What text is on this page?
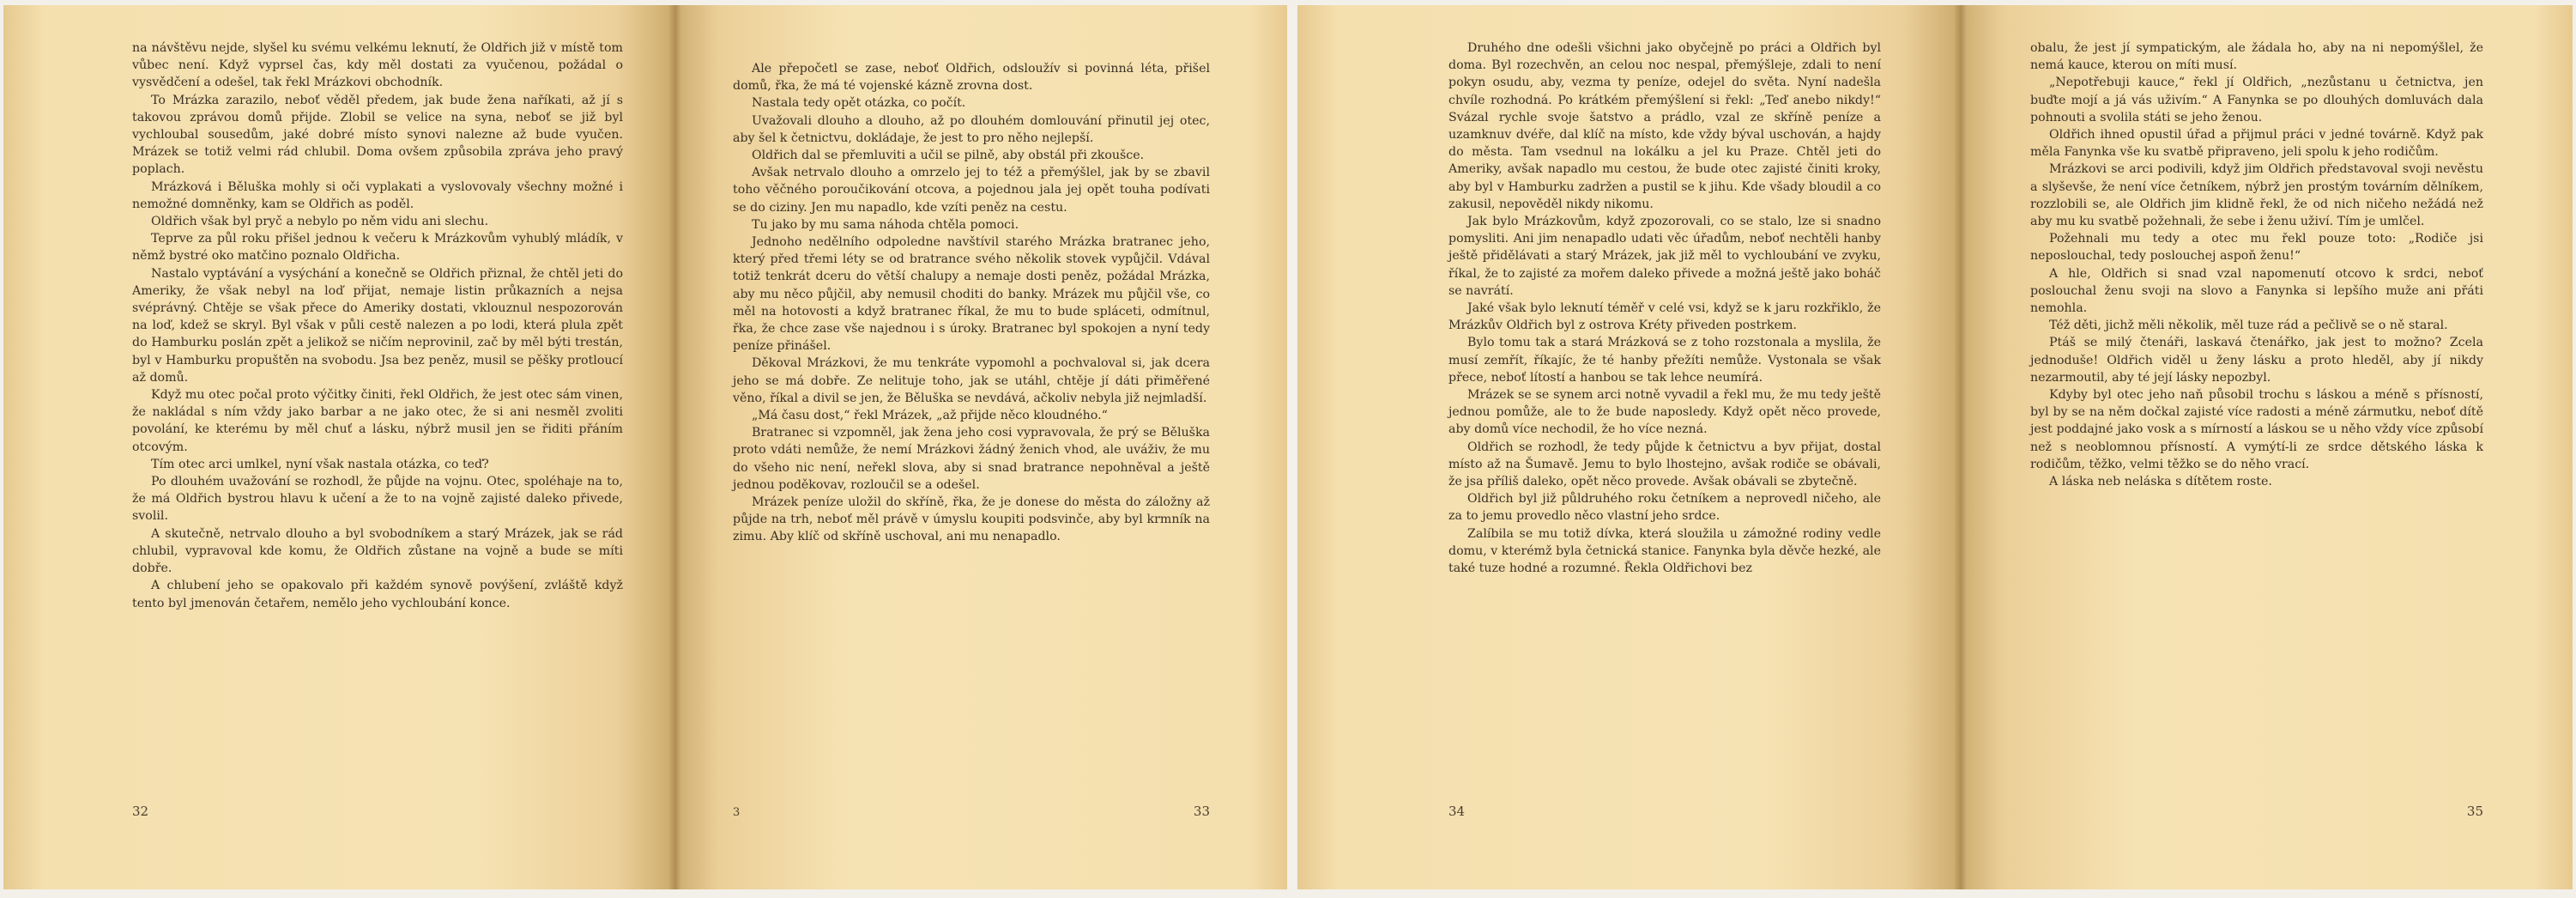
na návštěvu nejde, slyšel ku svému velkému leknutí, že Oldřich již v místě tom vůbec není. Když vyprsel čas, kdy měl dostati za vyučenou, požádal o vysvědčení a odešel, tak řekl Mrázkovi obchodník.

To Mrázka zarazilo, neboť věděl předem, jak bude žena naříkati, až jí s takovou zprávou domů přijde. Zlobil se velice na syna, neboť se již byl vychloubal sousedům, jaké dobré místo synovi nalezne až bude vyučen. Mrázek se totiž velmi rád chlubil. Doma ovšem způsobila zpráva jeho pravý poplach.

Mrázková i Běluška mohly si oči vyplakati a vyslovovaly všechny možné i nemožné domněnky, kam se Oldřich as poděl.

Oldřich však byl pryč a nebylo po něm vidu ani slechu.

Teprve za půl roku přišel jednou k večeru k Mrázkovům vyhublý mládík, v němž bystré oko matčino poznalo Oldřicha.

Nastalo vyptávání a vysýchání a konečně se Oldřich přiznal, že chtěl jeti do Ameriky, že však nebyl na loď přijat, nemaje listin průkazních a nejsa svéprávný. Chtěje se však přece do Ameriky dostati, vklouznul nespozorován na loď, kdež se skryl. Byl však v půli cestě nalezen a po lodi, která plula zpět do Hamburku poslán zpět a jelikož se ničím neprovinil, zač by měl býti trestán, byl v Hamburku propuštěn na svobodu. Jsa bez peněz, musil se pěšky protloucí až domů.

Když mu otec počal proto výčitky činiti, řekl Oldřich, že jest otec sám vinen, že nakládal s ním vždy jako barbar a ne jako otec, že si ani nesměl zvoliti povolání, ke kterému by měl chuť a lásku, nýbrž musil jen se řiditi přáním otcovým.

Tím otec arci umlkel, nyní však nastala otázka, co teď?

Po dlouhém uvažování se rozhodl, že půjde na vojnu. Otec, spoléhaje na to, že má Oldřich bystrou hlavu k učení a že to na vojně zajisté daleko přivede, svolil.

A skutečně, netrvalo dlouho a byl svobodníkem a starý Mrázek, jak se rád chlubil, vypravoval kde komu, že Oldřich zůstane na vojně a bude se míti dobře.

A chlubení jeho se opakovalo při každém synově povýšení, zvláště když tento byl jmenován četařem, nemělo jeho vychloubání konce.

32

Ale přepočetl se zase, neboť Oldřich, odsloužív si povinná léta, přišel domů, řka, že má té vojenské kázně zrovna dost.

Nastala tedy opět otázka, co počít.

Uvažovali dlouho a dlouho, až po dlouhém domlouvání přinutil jej otec, aby šel k četnictvu, dokládaje, že jest to pro něho nejlepší.

Oldřich dal se přemluviti a učil se pilně, aby obstál při zkoušce.

Avšak netrvalo dlouho a omrzelo jej to též a přemýšlel, jak by se zbavil toho věčného poroučikování otcova, a pojednou jala jej opět touha podívati se do ciziny. Jen mu napadlo, kde vzíti peněz na cestu.

Tu jako by mu sama náhoda chtěla pomoci.

Jednoho nedělního odpoledne navštívil starého Mrázka bratranec jeho, který před třemi léty se od bratrance svého několik stovek vypůjčil. Vdával totiž tenkrát dceru do větší chalupy a nemaje dosti peněz, požádal Mrázka, aby mu něco půjčil, aby nemusil choditi do banky. Mrázek mu půjčil vše, co měl na hotovosti a když bratranec říkal, že mu to bude spláceti, odmítnul, řka, že chce zase vše najednou i s úroky. Bratranec byl spokojen a nyní tedy peníze přinášel.

Děkoval Mrázkovi, že mu tenkráte vypomohl a pochvaloval si, jak dcera jeho se má dobře. Ze nelituje toho, jak se utáhl, chtěje jí dáti přiměřené věno, říkal a divil se jen, že Běluška se nevdává, ačkoliv nebyla již nejmladší.

„Má času dost,“ řekl Mrázek, „až přijde něco kloudného.“

Bratranec si vzpomněl, jak žena jeho cosi vypravovala, že prý se Běluška proto vdáti nemůže, že nemí Mrázkovi žádný ženich vhod, ale uváživ, že mu do všeho nic není, neřekl slova, aby si snad bratrance nepohněval a ještě jednou poděkovav, rozloučil se a odešel.

Mrázek peníze uložil do skříně, řka, že je donese do města do záložny až půjde na trh, neboť měl právě v úmyslu koupiti podsvinče, aby byl krmník na zimu. Aby klíč od skříně uschoval, ani mu nenapadlo.

3	33

Druhého dne odešli všichni jako obyčejně po práci a Oldřich byl doma. Byl rozechvěn, an celou noc nespal, přemýšleje, zdali to není pokyn osudu, aby, vezma ty peníze, odejel do světa. Nyní nadešla chvíle rozhodná. Po krátkém přemýšlení si řekl: „Teď anebo nikdy!“ Svázal rychle svoje šatstvo a prádlo, vzal ze skříně peníze a uzamknuv dvéře, dal klíč na místo, kde vždy býval uschován, a hajdy do města. Tam vsednul na lokálku a jel ku Praze. Chtěl jeti do Ameriky, avšak napadlo mu cestou, že bude otec zajisté činiti kroky, aby byl v Hamburku zadržen a pustil se k jihu. Kde všady bloudil a co zakusil, nepověděl nikdy nikomu.

Jak bylo Mrázkovům, když zpozorovali, co se stalo, lze si snadno pomysliti. Ani jim nenapadlo udati věc úřadům, neboť nechtěli hanby ještě přidělávati a starý Mrázek, jak již měl to vychloubání ve zvyku, říkal, že to zajisté za mořem daleko přivede a možná ještě jako boháč se navrátí.

Jaké však bylo leknutí téměř v celé vsi, když se k jaru rozkřiklo, že Mrázkův Oldřich byl z ostrova Kréty přiveden postrkem.

Bylo tomu tak a stará Mrázková se z toho rozstonala a myslila, že musí zemřít, říkajíc, že té hanby přežíti nemůže. Vystonala se však přece, neboť lítostí a hanbou se tak lehce neumírá.

Mrázek se se synem arci notně vyvadil a řekl mu, že mu tedy ještě jednou pomůže, ale to že bude naposledy. Když opět něco provede, aby domů více nechodil, že ho více nezná.

Oldřich se rozhodl, že tedy půjde k četnictvu a byv přijat, dostal místo až na Šumavě. Jemu to bylo lhostejno, avšak rodiče se obávali, že jsa příliš daleko, opět něco provede. Avšak obávali se zbytečně.

Oldřich byl již půldruhého roku četníkem a neprovedl ničeho, ale za to jemu provedlo něco vlastní jeho srdce.

Zalíbila se mu totiž dívka, která sloužila u zámožné rodiny vedle domu, v kterémž byla četnická stanice. Fanynka byla děvče hezké, ale také tuze hodné a rozumné. Řekla Oldřichovi bez

34

obalu, že jest jí sympatickým, ale žádala ho, aby na ni nepomýšlel, že nemá kauce, kterou on míti musí.

„Nepotřebuji kauce,“ řekl jí Oldřich, „nezůstanu u četnictva, jen buďte mojí a já vás uživím.“ A Fanynka se po dlouhých domluvách dala pohnouti a svolila státi se jeho ženou.

Oldřich ihned opustil úřad a přijmul práci v jedné továrně. Když pak měla Fanynka vše ku svatbě připraveno, jeli spolu k jeho rodičům.

Mrázkovi se arci podivili, když jim Oldřich představoval svoji nevěstu a slyševše, že není více četníkem, nýbrž jen prostým továrním dělníkem, rozzlobili se, ale Oldřich jim klidně řekl, že od nich ničeho nežádá než aby mu ku svatbě požehnali, že sebe i ženu uživí. Tím je umlčel.

Požehnali mu tedy a otec mu řekl pouze toto: „Rodiče jsi neposlouchal, tedy poslouchej aspoň ženu!“

A hle, Oldřich si snad vzal napomenutí otcovo k srdci, neboť poslouchal ženu svoji na slovo a Fanynka si lepšího muže ani přáti nemohla.

Též děti, jichž měli několik, měl tuze rád a pečlivě se o ně staral.

Ptáš se milý čtenáři, laskavá čtenářko, jak jest to možno? Zcela jednoduše! Oldřich viděl u ženy lásku a proto hleděl, aby jí nikdy nezarmoutil, aby té její lásky nepozbyl.

Kdyby byl otec jeho naň působil trochu s láskou a méně s přísností, byl by se na něm dočkal zajisté více radosti a méně zármutku, neboť dítě jest poddajné jako vosk a s mírností a láskou se u něho vždy více způsobí než s neoblomnou přísností. A vymýtí-li ze srdce dětského láska k rodičům, těžko, velmi těžko se do něho vrací.

A láska neb neláska s dítětem roste.

35
